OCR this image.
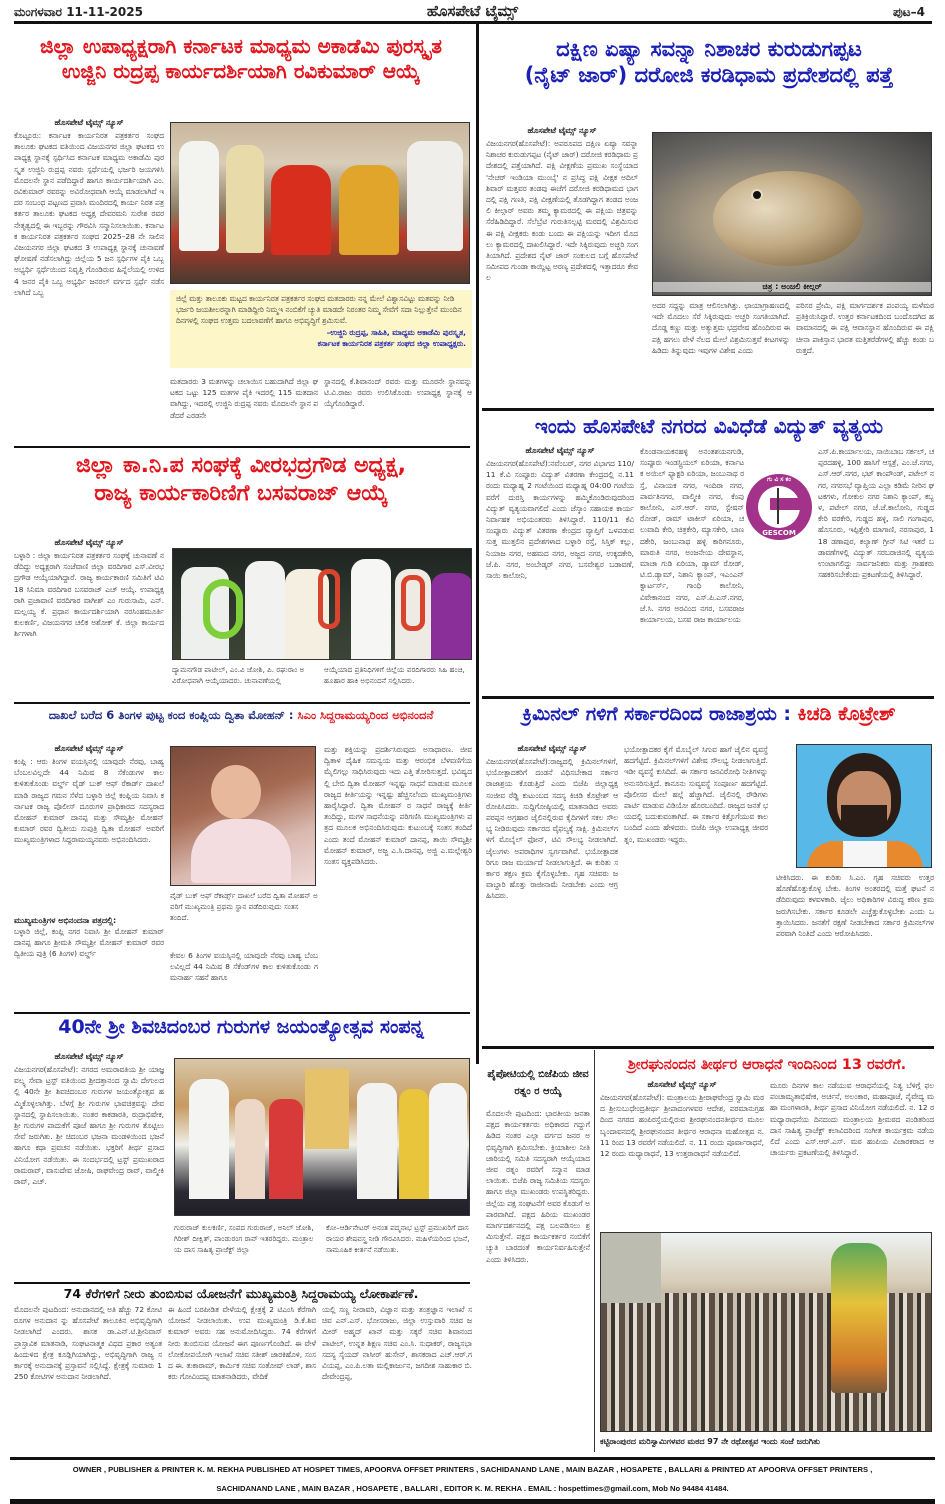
ಮಂಗಳವಾರ 11-11-2025	ಹೊಸಪೇಟೆ ಟೈಮ್ಸ್	ಪುಟ–4
ಜಿಲ್ಲಾ ಉಪಾಧ್ಯಕ್ಷರಾಗಿ ಕರ್ನಾಟಕ ಮಾಧ್ಯಮ ಅಕಾಡೆಮಿ ಪುರಸ್ಕೃತ
ಉಜ್ಜಿನಿ ರುದ್ರಪ್ಪ ಕಾರ್ಯದರ್ಶಿಯಾಗಿ ರವಿಕುಮಾರ್ ಆಯ್ಕೆ
ಹೊಸಪೇಟೆ ಟೈಮ್ಸ್ ನ್ಯೂಸ್
ಕೊಟ್ಟೂರು: ಕರ್ನಾಟಕ ಕಾರ್ಯನಿರತ ಪತ್ರಕರ್ತರ ಸಂಘದ ತಾಲೂಕು ಘಟಕದ ವತಿಯಿಂದ ವಿಜಯನಗರ ಜಿಲ್ಲಾ ಘಟಕದ ಉಪಾಧ್ಯಕ್ಷ ಸ್ಥಾನಕ್ಕೆ ಸ್ಪರ್ಧಿಸಿದ ಕರ್ನಾಟಕ ಮಾಧ್ಯಮ ಅಕಾಡೆಮಿ ಪುರಸ್ಕೃತ ಉಜ್ಜಿನಿ ರುದ್ರಪ್ಪ ನವರು ಸ್ಪರ್ಧೆಯಲ್ಲಿ ಭರ್ಜರಿ ಜಯಗಳಿಸಿ ಮೊದಲನೇ ಸ್ಥಾನ ಪಡೆದಿದ್ದಾರೆ ಹಾಗೂ ಕಾರ್ಯದರ್ಶಿಯಾಗಿ ಎಂ. ರವಿಕುಮಾರ್ ರವರನ್ನು ಅವಿರೋಧವಾಗಿ ಆಯ್ಕೆ ಮಾಡಲಾಗಿದೆ ಇದರ ಸಂಬಂಧ ಪಟ್ಟಣದ ಪ್ರವಾಸಿ ಮಂದಿರದಲ್ಲಿ ಕಾರ್ಯ ನಿರತ ಪತ್ರಕರ್ತರ ತಾಲೂಕು ಘಟಕದ ಅಧ್ಯಕ್ಷ ದೇವರಮನಿ ಸುರೇಶ ರವರ ನೇತೃತ್ವದಲ್ಲಿ ಈ ಇಬ್ಬರನ್ನು ಗೌರವಿಸಿ ಸನ್ಮಾನಿಸಲಾಯಿತು. ಕರ್ನಾಟಕ ಕಾರ್ಯನಿರತ ಪತ್ರಕರ್ತರ ಸಂಘದ 2025–28 ನೇ ಸಾಲಿನ ವಿಜಯನಗರ ಜಿಲ್ಲಾ ಘಟಕದ 3 ಉಪಾಧ್ಯಕ್ಷ ಸ್ಥಾನಕ್ಕೆ ಚುನಾವಣೆ ಘೋಷಣೆ ನಡೆಸಲಾಗಿದ್ದು ಜಿಲ್ಲೆಯ 5 ಜನ ಸ್ಪರ್ಧಿಗಳ ಪೈಕಿ ಒಬ್ಬ ಅಭ್ಯರ್ಥಿ ಸ್ಪರ್ಧೆಯಿಂದ ನಿವೃತ್ತಿ ಗೊಂಡಿರುವ ಹಿನ್ನೆಲೆಯಲ್ಲಿ ಉಳಿದ 4 ಜನರ ಪೈಕಿ ಒಬ್ಬ ಅಭ್ಯರ್ಥಿ ಜನರಲ್ ವರ್ಗದ ಸ್ಪರ್ಧೆ ನಡೆಸಲಾಗಿದೆ ಒಬ್ಬ
ಜಿಲ್ಲೆ ಮತ್ತು ತಾಲೂಕು ಮಟ್ಟದ ಕಾರ್ಯನಿರತ ಪತ್ರಕರ್ತರ ಸಂಘದ ಮತದಾರರು ನನ್ನ ಮೇಲೆ ವಿಶ್ವಾಸವಿಟ್ಟು ಮತವನ್ನು ನೀಡಿ ಭರ್ಜರಿ ಜಯಶೀಲರನ್ನಾಗಿ ಮಾಡಿದ್ದೀರಿ ನಿಮ್ಮಇ ನಂಬಿಕೆಗೆ ಚ್ಯುತಿ ಮಾಡದೇ ನಿರಂತರ ನಿಮ್ಮ ಸೇವೆಗೆ ಸದಾ ನಿಲ್ಲುತ್ತೇನೆ ಮುಂದಿನ ದಿನಗಳಲ್ಲಿ ಸಂಘದ ಉತ್ತಮ ಬದಲಾವಣೆಗೆ ಹಾಗೂ ಅಭಿವೃದ್ಧಿಗೆ ಶ್ರಮಿಸುವೆ.
–ಉಜ್ಜಿನಿ ರುದ್ರಪ್ಪ, ಸಾಹಿತಿ, ಮಾಧ್ಯಮ ಅಕಾಡೆಮಿ ಪುರಸ್ಕೃತ,
ಕರ್ನಾಟಕ ಕಾರ್ಯನಿರತ ಪತ್ರಕರ್ತ ಸಂಘದ ಜಿಲ್ಲಾ ಉಪಾಧ್ಯಕ್ಷರು.
ಮತದಾರರು 3 ಮತಗಳನ್ನು ಚಲಾಯಿಸ ಬಹುದಾಗಿದೆ ಜಿಲ್ಲಾ ಘಟಕದ ಒಟ್ಟು 125 ಮತಗಳ ಪೈಕಿ ಇದರಲ್ಲಿ 115 ಮತದಾನ ವಾಗಿದ್ದು, ಇದರಲ್ಲಿ ಉಜ್ಜಿನಿ ರುದ್ರಪ್ಪ ನವರು ಮೊದಲನೇ ಸ್ಥಾನ ಪಡೆದರೆ ಎರಡನೇ
ಸ್ಥಾನದಲ್ಲಿ ಕೆ.ಶಿವಾನಂದ್ ರವರು ಮತ್ತು ಮೂರನೇ ಸ್ಥಾನವನ್ನು ಟಿ.ವಿ.ರಾಜು ರವರು ಉಲಿಸಿಕೊಂಡು ಉಪಾಧ್ಯಕ್ಷ ಸ್ಥಾನಕ್ಕೆ ಆಯ್ಕೆಗೊಂಡಿದ್ದಾರೆ.
ದಕ್ಷಿಣ ಏಷ್ಯಾ ಸವನ್ನಾ ನಿಶಾಚರ ಕುರುಡುಗಪ್ಪಟ
(ನೈಟ್ ಜಾರ್) ದರೋಜಿ ಕರಡಿಧಾಮ ಪ್ರದೇಶದಲ್ಲಿ ಪತ್ತೆ
ಹೊಸಪೇಟೆ ಟೈಮ್ಸ್ ನ್ಯೂಸ್
ವಿಜಯನಗರ(ಹೊಸಪೇಟೆ): ಅಪರೂಪದ ದಕ್ಷಿಣ ಏಷ್ಯಾ ಸವನ್ನಾ ನಿಶಾಚರ ಕುರುಡುಗಪ್ಪಟ (ನೈಟ್ ಜಾರ್) ದರೋಜಿ ಕರಡಿಧಾಮ ಪ್ರದೇಶದಲ್ಲಿ ಪತ್ತೆಯಾಗಿದೆ. ಪಕ್ಷಿ ವೀಕ್ಷಣೆಯ ಪ್ರಮುಖ ಸಂಸ್ಥೆಯಾದ 'ನೇಚರ್ ಇಂಡಿಯಾ ಮುಂಬೈ' ನ ಪ್ರಸಿದ್ಧ ಪಕ್ಷಿ ವೀಕ್ಷಕ ಅದಿಲ್ ಶಿವಾರ್ ಮತ್ತವರ ತಂಡವು ಈಚೆಗೆ ದರೋಜಿ ಕರಡಿಧಾಮದ ಭಾಗದಲ್ಲಿ ಪಕ್ಷಿ ಗಣತಿ, ಪಕ್ಷಿ ವೀಕ್ಷಣೆಯಲ್ಲಿ ತೊಡಗಿದ್ದಾಗ ತಂಡದ ಅಂಜಲಿ ಕೀಲ್ಗಾರ್ ಅವರು ತಮ್ಮ ಕ್ಯಾಮರದಲ್ಲಿ ಈ ಪಕ್ಷಿಯ ಚಿತ್ರವನ್ನು ಸೆರೆಹಿಡಿದಿದ್ದಾರೆ. ಸೆಲೆಬ್ರೆಟಿ ಗುರುತಿಸಲ್ಪಟ್ಟಿ ಮರದಲ್ಲಿ ವಿಶ್ರಮಿಸುವ ಈ ಪಕ್ಷಿ ವೀಕ್ಷಕರು ಕಂಡು ಬಂದು ಈ ಪಕ್ಷಿಯನ್ನು ಇದೀಗ ಮೊದಲು ಕ್ಯಾಮರದಲ್ಲಿ ದಾಖಲಿಸಿದ್ದಾರೆ. ಇದೇ ಸಿಕ್ಕಿರುವುದು ಅಚ್ಚರಿ ಸಂಗತಿಯಾಗಿದೆ. ಪ್ರದೇಶದ ನೈಟ್ ಜಾರ್ ಸಂಕುಲದ ಬಗ್ಗೆ ಹೊಸಪೇಟೆ ಸಮೀಪದ ಗುಂಡಾ ಕಾಯ್ದಿಟ್ಟ ಅರಣ್ಯ ಪ್ರದೇಶದಲ್ಲಿ ಇತ್ತಾದರೂ ಕೇವಲ
ಚಿತ್ರ : ಅಂಜಲಿ ಕೀಲ್ಗರ್
ಅದರ ಸದ್ದನ್ನು ಮಾತ್ರ ಆಲಿಸಲಾಗಿತ್ತು. ಛಾಯಾಗ್ರಾಹಣದಲ್ಲಿ ಇದೇ ಮೊದಲು ಸೆರೆ ಸಿಕ್ಕಿರುವುದು ಅಚ್ಚರಿ ಸಂಗತಿಯಾಗಿದೆ. ದೊಡ್ಡ ಕಣ್ಣು ಮತ್ತು ಅತ್ಯುತ್ತಮ ಭದ್ರವೇಷ ಹೊಂದಿರುವ ಈ ಪಕ್ಷಿ ಹಗಲು ವೇಳೆ ನೆಲದ ಮೇಲೆ ವಿಶ್ರಮಿಸುತ್ತವೆ ಕೀಟಗಳನ್ನು ಹಿಡಿದು ತಿನ್ನುವುದು ಇವುಗಳ ವಿಶೇಷ ಎಂದು
ಪರಿಸರ ಪ್ರೇಮಿ, ಪಕ್ಷಿ ಮಾರ್ಗದರ್ಶಕ ಪಂಪಯ್ಯ ಮಳೆಮಠ ಪ್ರತಿಕ್ರಿಯಿಸಿದ್ದಾರೆ. ಉತ್ತರ ಕರ್ನಾಟಕದಿಂದ ಬಂದೊದಗಿದ ಹವಾಮಾನದಲ್ಲಿ ಈ ಪಕ್ಷಿ ಆವಾಸಸ್ಥಾನ ಹೊಂದಿರುವ ಈ ಪಕ್ಷಿ ಚೀನಾ ಪಾಕಿಸ್ತಾನ ಭಾರತ ಮತ್ತಿತರೆಡೆಗಳಲ್ಲಿ ಹೆಚ್ಚು ಕಂಡು ಬರುತ್ತದೆ.
ಇಂದು ಹೊಸಪೇಟೆ ನಗರದ ವಿವಿಧೆಡೆ ವಿದ್ಯುತ್ ವ್ಯತ್ಯಯ
ಹೊಸಪೇಟೆ ಟೈಮ್ಸ್ ನ್ಯೂಸ್
ವಿಜಯನಗರ(ಹೊಸಪೇಟೆ):ನವೆಂಬರ್, ನಗರ ವಿಭಾಗದ 110/11 ಕೆ.ವಿ ಸಂಪ್ಪೂರು ವಿದ್ಯುತ್ ವಿತರಣಾ ಕೇಂದ್ರದಲ್ಲಿ ನ.11 ರಂದು ಮಧ್ಯಾಹ್ನ 2 ಗಂಟೆಯಿಂದ ಮಧ್ಯಾಹ್ನ 04:00 ಗಂಟೆಯವರೆಗೆ ದುರಸ್ತಿ ಕಾರ್ಯಗಳನ್ನು ಹಮ್ಮಿಕೊಂಡಿರುವುದರಿಂದ ವಿದ್ಯುತ್ ವ್ಯತ್ಯಯವಾಗಲಿದೆ ಎಂದು ಜೆಸ್ಕಾಂ ಸಹಾಯಕ ಕಾರ್ಯನಿರ್ವಾಹಕ ಅಭಿಯಂತರರು ತಿಳಿಸಿದ್ದಾರೆ. 110/11 ಕೆವಿ ಸಂಪ್ಪೂರು ವಿದ್ಯುತ್ ವಿತರಣಾ ಕೇಂದ್ರದ ವ್ಯಾಪ್ತಿಗೆ ಒಳಪಡುವ ಸುತ್ತ ಮುತ್ತಲಿನ ಪ್ರದೇಶಗಳಾದ ಬಳ್ಳಾರಿ ರಸ್ತೆ, ಸಿಸ್ತಿಕ್ ಕಲ್ಲು, ನಿಯಾಜ ನಗರ, ಅಹಮದ ನಗರ, ಅಜ್ಜದ ನಗರ, ಉಕ್ಕದಕೇರಿ, ಜೆ.ಪಿ. ನಗರ, ಅಂಬೇಡ್ಕರ್ ನಗರ, ಬಸವೇಶ್ವರ ಬಡಾವಣೆ, ಸಾಯಿ ಕಾಲೋನಿ,
ಕೊಂಡನಾಯಕನಹಳ್ಳಿ ಅನಂತಶಯನಗುಡಿ, ಸಂಪ್ಪೂರು ಇಂಡಸ್ಟ್ರಿಯಲ್ ಏರಿಯಾ, ಕರ್ನಾಟಕ ಅಯಿಲ್ ಫ್ಯಾಕ್ಟರಿ ಏರಿಯಾ, ಜಂಬುನಾಥ ರಸ್ತೆ, ವಿನಾಯಕ ನಗರ, ಇಂದಿರಾ ನಗರ, ಪಾರ್ವತಿನಗರ, ವಾಲ್ಮೀಕಿ ನಗರ, ಕೆಂಪು ಕಾಲೋನಿ, ಎಸ್.ಆರ್. ನಗರ, ಸ್ಟೇಷನ್ ರೋಡ್, ರಾಮ್ ಟಾಕೀಸ್ ಏರಿಯಾ, ಚಲುವಾದಿ ಕೇರಿ, ಚಿತ್ರಕೇರಿ, ಮ್ಯಾಸಕೇರಿ, ಬಾಣದಕೇರಿ, ಜಂಬುನಾಥ ಹಳ್ಳಿ ಕಾರಿಗನೂರು, ಮಾರುತಿ ನಗರ, ಅಂಜನೇಯ ದೇವಸ್ಥಾನ, ಮಾಚಾ ಗುಡಿ ಏರಿಯಾ, ಡ್ಯಾಮ್ ರೋಡ್, ಟಿ.ಬಿ.ಡ್ಯಾಮ್, ನಿಶಾನಿ ಕ್ಯಾಂಪ್, ಇಎಂಎನ್ ಕ್ವಾರ್ಟರ್ಸ್, ಗಾಂಧಿ ಕಾಲೋನಿ, ವಿವೇಕಾನಂದ ನಗರ, ಎಸ್.ಪಿ.ಎಸ್.ನಗರ, ಜೆ.ಸಿ. ನಗರ ಅರವಿಂದ ನಗರ, ಬಸವರಾಜ ಕಾರ್ಯಾಲಯ, ಬಸವ ರಾಜ ಕಾರ್ಯಾಲಯ
ಗು ವಿ ಸ ಕಂ
GESCOM
ಎಸ್.ಪಿ.ಕಾರ್ಯಾಲಯ, ಸಾಯಿಬಾಬ ಸರ್ಕಲ್, ಚಪ್ಪರದಹಳ್ಳಿ, 100 ಹಾಸಿಗೆ ಆಸ್ಪತ್ರೆ, ಎಂ.ಜೆ.ನಗರ, ಎಸ್.ಆರ್.ನಗರ, ಭಟ್ ಕಾಂಪೌಂಡ್, ಪಟೇಲ್ ನಗರ, ನಗರಸಭೆ ವ್ಯಾಪ್ತಿಯ ಎಲ್ಲಾ ಕಡಿಮೆ ನೀರಿನ ಘಟಕಗಳು, ಗೋಕುಲ ನಗರ ನಿಶಾನಿ ಕ್ಯಾಂಪ್, ಕಬ್ಬಳ, ಪಟೇಲ್ ನಗರ, ಜೆ.ಜೆ.ಕಾಲೋನಿ, ಗುಡ್ಡದ ಕೇರಿ ವರಕೇರಿ, ಗುಡ್ಡದ ಹಳ್ಳಿ, ಸಾಲಿ ಗಂಗಾಪುರ, ಹೊಸೂರು, ಇಪ್ಪಿತ್ತೇರಿ ಮಾಗಾಣಿ, ನರಸಾಪುರ, 118 ಡಣಾಪುರ, ಕಲ್ಯಾಣ್ ಗ್ರೀನ್ ಸಿಟಿ ಇತರೆ ಬಡಾವಣೆಗಳಲ್ಲಿ ವಿದ್ಯುತ್ ಸರಬರಾಜಿನಲ್ಲಿ ವ್ಯತ್ಯಯ ಉಂಟಾಗಲಿದ್ದು ಸಾರ್ವಜನಿಕರು ಮತ್ತು ಗ್ರಾಹಕರು ಸಹಕರಿಸಬೇಕೆಂದು ಪ್ರಕಟಣೆಯಲ್ಲಿ ತಿಳಿಸಿದ್ದಾರೆ.
ಜಿಲ್ಲಾ ಕಾ.ನಿ.ಪ ಸಂಘಕ್ಕೆ ವೀರಭದ್ರಗೌಡ ಅಧ್ಯಕ್ಷ,
ರಾಜ್ಯ ಕಾರ್ಯಕಾರಿಣಿಗೆ ಬಸವರಾಜ್ ಆಯ್ಕೆ
ಹೊಸಪೇಟೆ ಟೈಮ್ಸ್ ನ್ಯೂಸ್
ಬಳ್ಳಾರಿ : ಜಿಲ್ಲಾ ಕಾರ್ಯನಿರತ ಪತ್ರಕರ್ತರ ಸಂಘಕ್ಕೆ ಚುನಾವಣೆ ನಡೆದಿದ್ದು ಅಧ್ಯಕ್ಷರಾಗಿ ಸಂಜೆವಾಣಿ ಜಿಲ್ಲಾ ವರದಿಗಾರ ಎಸ್.ವೀರಭದ್ರಗೌಡ ಆಯ್ಕೆಯಾಗಿದ್ದಾರೆ. ರಾಜ್ಯ ಕಾರ್ಯಕಾರಣಿ ಸಮಿತಿಗೆ ಟಿವಿ 18 ಸಿನಿಮಾ ವರದಿಗಾರ ಬಸವರಾಜ್ ಎಚ್ ಆಯ್ಕೆ. ಉಪಾಧ್ಯಕ್ಷರಾಗಿ ಪ್ರಜಾವಾಣಿ ವರದಿಗಾರ ವಾಗೀಶ್ ಎಂ ಗುರುಸಾಮಿ, ಎನ್. ಮಲ್ಲಯ್ಯ ಕೆ. ಪ್ರಧಾನ ಕಾರ್ಯದರ್ಶಿಯಾಗಿ ನರಸಿಂಹಮೂರ್ತಿ ಕುಲಕರ್ಣಿ, ವಿಜಯನಗರ ಚಲಿಕ ಅಶೋಕ್ ಕೆ. ಜಿಲ್ಲಾ ಕಾರ್ಯದರ್ಶಿಗಳಾಗಿ
ದ್ಯಾಮನಗೌಡ ಪಾಟೀಲ್, ಎಂ.ವಿ ಜೋಶಿ, ಪಿ. ರಘುರಾಂ ಅವಿರೋಧವಾಗಿ ಆಯ್ಕೆಯಾದರು. ಚುನಾವಣೆಯಲ್ಲಿ
ಆಯ್ಕೆಯಾದ ಪ್ರತಿನಿಧಿಗಳಿಗೆ ಜಿಲ್ಲೆಯ ವರದಿಗಾರರು ಸಿಹಿ ಹಂಚಿ, ಹೂಹಾರ ಹಾಕಿ ಅಭಿನಂದನೆ ಸಲ್ಲಿಸಿದರು.
ದಾಖಲೆ ಬರೆದ 6 ತಿಂಗಳ ಪುಟ್ಟ ಕಂದ ಕಂಪ್ಲಿಯ ದ್ವಿತಾ ಮೋಹನ್ : ಸಿಎಂ ಸಿದ್ದರಾಮಯ್ಯರಿಂದ ಅಭಿನಂದನೆ
ಹೊಸಪೇಟೆ ಟೈಮ್ಸ್ ನ್ಯೂಸ್
ಕಂಪ್ಲಿ : ಆರು ತಿಂಗಳ ವಯಸ್ಸಿನಲ್ಲಿ ಯಾವುದೇ ನೆರವು, ಬಾಹ್ಯ ಬೆಂಬಲವಿಲ್ಲದೇ 44 ನಿಮಿಷ 8 ಸೆಕೆಂಡುಗಳ ಕಾಲ ಕುಳಿತುಕೊಂಡು ವರ್ಲ್ಡ್ ವೈಡ್ ಬುಕ್ ಆಫ್ ರೆಕಾರ್ಡ್ ದಾಖಲೆ ಮಾಡಿ ರಾಜ್ಯದ ಗಮನ ಸೆಳೆದ ಬಳ್ಳಾರಿ ಜಿಲ್ಲೆ ಕಂಪ್ಲಿಯ ನಿವಾಸಿ ಕರ್ನಾಟಕ ರಾಜ್ಯ ಪೊಲೀಸ್ ದೂರುಗಳ ಪ್ರಾಧಿಕಾರದ ಸದಸ್ಯರಾದ ಮೋಹನ್ ಕುಮಾರ್ ದಾನಪ್ಪ ಮತ್ತು ಸೌಮ್ಯಶ್ರೀ ಮೋಹನ್ ಕುಮಾರ್ ರವರ ದ್ವಿತೀಯ ಸುಪುತ್ರಿ ದ್ವಿತಾ ಮೋಹನ್ ಅವರಿಗೆ ಮುಖ್ಯಮಂತ್ರಿಗಳಾದ ಸಿದ್ದರಾಮಯ್ಯನವರು ಅಭಿನಂದಿಸಿದರು.
ಮುಖ್ಯಮಂತ್ರಿಗಳ ಅಭಿನಂದನಾ ಪತ್ರದಲ್ಲಿ:
ಬಳ್ಳಾರಿ ಜಿಲ್ಲೆ, ಕಂಪ್ಲಿ ನಗರ ನಿವಾಸಿ ಶ್ರೀ ಮೋಹನ್ ಕುಮಾರ್ ದಾನಪ್ಪ ಹಾಗೂ ಶ್ರೀಮತಿ ಸೌಮ್ಯಶ್ರೀ ಮೋಹನ್ ಕುಮಾರ್ ರವರ ದ್ವಿತೀಯ ಪುತ್ರಿ (6 ತಿಂಗಳ) ವರ್ಲ್ಡ್
ವೈಡ್ ಬುಕ್ ಆಫ್ ರೆಕಾರ್ಡ್ಸ್ ದಾಖಲೆ ಬರೆದ ದ್ವಿತಾ ಮೋಹನ್ ಅವರಿಗೆ ಮುಖ್ಯಮಂತ್ರಿ ಪ್ರಥಮ ಸ್ಥಾನ ಪಡೆದಿರುವುದು ಸಂತಸ ತಂದಿದೆ.
ಕೇವಲ 6 ತಿಂಗಳ ವಯಸ್ಸಿನಲ್ಲಿ ಯಾವುದೇ ನೆರವು ಬಾಹ್ಯ ಬೆಂಬಲವಿಲ್ಲದೆ 44 ನಿಮಿಷ 8 ಸೆಕೆಂಡ್‌ಗಳ ಕಾಲ ಕುಳಿತುಕೊಂಡು ಗಮನಾರ್ಹ ಸಹನೆ ಹಾಗೂ
ಮತ್ತು ಶಕ್ತಿಯನ್ನು ಪ್ರದರ್ಶಿಸಿರುವುದು ಅಸಾಧಾರಣ. ಜೀವ ದ್ವಿತಾಳ ದೈಹಿಕ ಸಮನ್ವಯ ಮತ್ತು ಆರಂಭಿಕ ಬೆಳವಣಿಗೆಯ ಮೈಲಿಗಲ್ಲು ಸಾಧಿಸಿರುವುದು ಇದು ಎತ್ತಿ ತೋರಿಸುತ್ತದೆ. ಭವಿಷ್ಯದಲ್ಲಿ ಬೇಬಿ ದ್ವಿತಾ ಮೋಹನ್ ಇನ್ನಷ್ಟು ಸಾಧನೆ ಮಾಡುವ ಮೂಲಕ ರಾಜ್ಯದ ಕೀರ್ತಿಯನ್ನು ಇನ್ನಷ್ಟು ಹೆಚ್ಚಿಸಲೆಂದು ಮುಖ್ಯಮಂತ್ರಿಗಳು ಹಾರೈಸಿದ್ದಾರೆ. ದ್ವಿತಾ ಮೋಹನ್ ರ ಸಾಧನೆ ರಾಜ್ಯಕ್ಕೆ ಕೀರ್ತಿ ತಂದಿದ್ದು, ಮಗಳ ಸಾಧನೆಯನ್ನು ಪರಿಗಣಿಸಿ ಮುಖ್ಯಮಂತ್ರಿಗಳು ಪತ್ರದ ಮೂಲಕ ಅಭಿನಂದಿಸಿರುವುದು ಕುಟುಂಬಕ್ಕೆ ಸಂತಸ ತಂದಿದೆ ಎಂದು ತಂದೆ ಮೋಹನ್ ಕುಮಾರ್ ದಾನಪ್ಪ, ತಾಯಿ ಸೌಮ್ಯಶ್ರೀ ಮೋಹನ್ ಕುಮಾರ್, ಅಜ್ಜ ಎ.ಸಿ.ದಾನಪ್ಪ, ಅಜ್ಜಿ ಎ.ಮಲ್ಲೇಶ್ವರಿ ಸಂತಸ ವ್ಯಕ್ತಪಡಿಸಿದರು.
ಕ್ರಿಮಿನಲ್ ಗಳಿಗೆ ಸರ್ಕಾರದಿಂದ ರಾಜಾಶ್ರಯ : ಕಿಚಡಿ ಕೊಟ್ರೇಶ್
ಹೊಸಪೇಟೆ ಟೈಮ್ಸ್ ನ್ಯೂಸ್
ವಿಜಯನಗರ(ಹೊಸಪೇಟೆ):ರಾಜ್ಯದಲ್ಲಿ ಕ್ರಿಮಿನಲ್‌ಗಳಿಗೆ, ಭಯೋತ್ಪಾದಕರಿಗೆ ದಂಡನೆ ವಿಧಿಸಬೇಕಾದ ಸರ್ಕಾರ ರಾಜಾಶ್ರಯ ಕೊಡುತ್ತಿದೆ ಎಂದು ಬಿಜೆಪಿ ಜಿಲ್ಲಾಧ್ಯಕ್ಷ ಸಂಜೀವ ರೆಡ್ಡಿ ಕುಟುಂಬದ ಸದಸ್ಯ ಕಿಚಡಿ ಕೊಟ್ರೇಶ್ ಆರೋಪಿಸಿದರು. ಸುದ್ದಿಗೋಷ್ಠಿಯಲ್ಲಿ ಮಾತನಾಡಿದ ಅವರು ಪರಪ್ಪನ ಅಗ್ರಹಾರ ಜೈಲಿನಲ್ಲಿರುವ ಕೈದಿಗಳಿಗೆ ಸಕಲ ಸೌಲಭ್ಯ ನೀಡಿರುವುದು ಸರ್ಕಾರದ ವೈಫಲ್ಯಕ್ಕೆ ಸಾಕ್ಷಿ. ಕ್ರಿಮಿನಲ್‌ಗಳಿಗೆ ಮೊಬೈಲ್ ಫೋನ್, ಟಿವಿ ಸೌಲಭ್ಯ ನೀಡಲಾಗಿದೆ. ಜೈಲುಗಳು ಅಪರಾಧಿಗಳ ಸ್ವರ್ಗವಾಗಿವೆ. ಭಯೋತ್ಪಾದಕರಿಗೂ ರಾಜ ಮರ್ಯಾದೆ ನೀಡಲಾಗುತ್ತಿದೆ. ಈ ಕುರಿತು ಸರ್ಕಾರ ತಕ್ಷಣ ಕ್ರಮ ಕೈಗೊಳ್ಳಬೇಕು. ಗೃಹ ಸಚಿವರು ಜವಾಬ್ದಾರಿ ಹೊತ್ತು ರಾಜೀನಾಮೆ ನೀಡಬೇಕು ಎಂದು ಆಗ್ರಹಿಸಿದರು.
ಭಯೋತ್ಪಾದಕರ ಕೈಗೆ ಮೊಬೈಲ್ ಸಿಗುವ ಹಾಗೆ ಜೈಲಿನ ವ್ಯವಸ್ಥೆ ಹದಗೆಟ್ಟಿದೆ. ಕ್ರಿಮಿನಲ್‌ಗಳಿಗೆ ವಿಶೇಷ ಸೌಲಭ್ಯ ನೀಡಲಾಗುತ್ತಿದೆ. ಇಡೀ ವ್ಯವಸ್ಥೆ ಕುಸಿದಿದೆ. ಈ ಸರ್ಕಾರ ಜನವಿರೋಧಿ ನೀತಿಗಳನ್ನು ಅನುಸರಿಸುತ್ತಿದೆ. ಕಾನೂನು ಸುವ್ಯವಸ್ಥೆ ಸಂಪೂರ್ಣ ಹದಗೆಟ್ಟಿದೆ. ಪೊಲೀಸರ ಮೇಲೆ ಹಲ್ಲೆ ಹೆಚ್ಚಾಗಿದೆ. ಜೈಲಿನಲ್ಲಿ ರೌಡಿಗಳು ಪಾರ್ಟಿ ಮಾಡುವ ವಿಡಿಯೋ ಹೊರಬಂದಿದೆ. ರಾಜ್ಯದ ಜನತೆ ಭಯದಲ್ಲಿ ಬದುಕುವಂತಾಗಿದೆ. ಈ ಸರ್ಕಾರ ಕಿತ್ತೊಗೆಯುವ ಕಾಲ ಬಂದಿದೆ ಎಂದು ಹೇಳಿದರು. ಬಿಜೆಪಿ ಜಿಲ್ಲಾ ಉಪಾಧ್ಯಕ್ಷ ಜೀವರತ್ನಂ, ಮುಖಂಡರು ಇದ್ದರು.
ಟೀಕಿಸಿದರು. ಈ ಕುರಿತು ಸಿ.ಎಂ. ಗೃಹ ಸಚಿವರು ಉತ್ತರ ಹೊಣೆಹೊತ್ತುಕೊಳ್ಳ ಬೇಕು. ತಿಂಗಳ ಅಂತರದಲ್ಲಿ ಮತ್ತೆ ಘಟನೆ ನಡೆದಿರುವುದು ಕಳವಳಕಾರಿ. ಜೈಲು ಅಧಿಕಾರಿಗಳ ವಿರುದ್ಧ ಕಠಿಣ ಕ್ರಮ ಜರುಗಿಸಬೇಕು. ಸರ್ಕಾರ ಕೂಡಲೇ ಎಚ್ಚೆತ್ತುಕೊಳ್ಳಬೇಕು ಎಂದು ಒತ್ತಾಯಿಸಿದರು. ಜನತೆಗೆ ರಕ್ಷಣೆ ನೀಡಬೇಕಾದ ಸರ್ಕಾರ ಕ್ರಿಮಿನಲ್‌ಗಳ ಪರವಾಗಿ ನಿಂತಿದೆ ಎಂದು ಆರೋಪಿಸಿದರು.
40ನೇ ಶ್ರೀ ಶಿವಚಿದಂಬರ ಗುರುಗಳ ಜಯಂತ್ಯೋತ್ಸವ ಸಂಪನ್ನ
ಹೊಸಪೇಟೆ ಟೈಮ್ಸ್ ನ್ಯೂಸ್
ವಿಜಯನಗರ(ಹೊಸಪೇಟೆ): ನಗರದ ಅಮರಾವತಿಯ ಶ್ರೀ ಯಾಜ್ಞವಲ್ಕ್ಯ ಸೇವಾ ಟ್ರಸ್ಟ್ ವತಿಯಿಂದ ಶ್ರೀದತ್ತಾನಂದ ಸ್ವಾಮಿ ದೇಗುಲದಲ್ಲಿ 40ನೇ ಶ್ರೀ ಶಿವಚಿದಂಬರ ಗುರುಗಳ ಜಯಂತ್ಯೋತ್ಸವ ಹಮ್ಮಿಕೊಳ್ಳಲಾಗಿತ್ತು. ಬೆಳಗ್ಗೆ ಶ್ರೀ ಗುರುಗಳ ಭಾವಚಿತ್ರವನ್ನು ದೇವಸ್ಥಾನದಲ್ಲಿ ಸ್ಥಾಪಿಸಲಾಯಿತು. ನಂತರ ಕಾಕಡಾರತಿ, ರುದ್ರಾಭಿಷೇಕ, ಶ್ರೀ ಗುರುಗಳ ಪಾದುಕೆಗೆ ಪೂಜೆ ಹಾಗೂ ಶ್ರೀ ಗುರುಗಳ ತೊಟ್ಟಿಲು ಸೇವೆ ಜರುಗಿತು. ಶ್ರೀ ಚಿದಂಬರ ಭಜನಾ ಮಂಡಳಿಯಿಂದ ಭಜನೆ ಹಾಗೂ ಕಥಾ ಪ್ರವಚನ ನಡೆಯಿತು. ಭಕ್ತರಿಗೆ ತೀರ್ಥ ಪ್ರಸಾದ ವಿನಿಯೋಗ ನಡೆಯಿತು. ಈ ಸಂದರ್ಭದಲ್ಲಿ ಟ್ರಸ್ಟ್ ಪ್ರಮುಖರಾದ ರಾಮರಾವ್, ವಾಸುದೇವ ಜೋಷಿ, ರಾಘವೇಂದ್ರ ರಾವ್, ವಾಲ್ಮೀಕಿ ರಾವ್, ಎಚ್.
ಗುರುರಾಜ್ ಕುಲಕರ್ಣಿ, ಸಂಪದ ಗುರುರಾಜ್, ಅನಿಲ್ ಜೋಶಿ, ಗಿರೀಶ್ ದೀಕ್ಷಿತ್, ಪಾಂಡುರಂಗ ರಾವ್ ಇತರರಿದ್ದರು. ಮಂತ್ರಾಲಯ ದಾಸ ಸಾಹಿತ್ಯ ಪ್ರಾಜೆಕ್ಟ್ ಜಿಲ್ಲಾ
ಕೋ–ಆರ್ಡಿನೇಟರ್ ಅನಂತ ಪದ್ಮನಾಭ ಟ್ರಸ್ಟ್ ಪ್ರಮುಖರಿಗೆ ದಾಸರಾಯರ ಶೇಷವಸ್ತ್ರ ನೀಡಿ ಗೌರವಿಸಿದರು. ಮಹಿಳೆಯರಿಂದ ಭಜನೆ, ಸಾಮೂಹಿಕ ಕೀರ್ತನೆ ನಡೆಯಿತು.
74 ಕೆರೆಗಳಿಗೆ ನೀರು ತುಂಬಿಸುವ ಯೋಜನೆಗೆ ಮುಖ್ಯಮಂತ್ರಿ ಸಿದ್ದರಾಮಯ್ಯ ಲೋಕಾರ್ಪಣೆ.
ಮೊದಲನೇ ಪುಟದಿಂದ: ಅನುದಾನದಲ್ಲಿ ಅತಿ ಹೆಚ್ಚು 72 ಕೋಟಿ ರೂಗಳ ಅನುದಾನ ನ್ನು ಹೊಸಪೇಟೆ ತಾಲೂಕಿನ ಅಭಿವೃದ್ಧಿಗಾಗಿ ನೀಡಲಾಗಿದೆ ಎಂದರು. ಶಾಸಕ ಡಾ.ಎನ್.ಟಿ.ಶ್ರೀನಿವಾಸ್ ಪ್ರಾಸ್ತಾವಿಕ ಮಾತನಾಡಿ, ಸಂಘಟನಾತ್ಮಕ ವಿಧದ ಪ್ರಕಾರ ಅತ್ಯಂತ ಹಿಂದುಳಿದ ಕ್ಷೇತ್ರ ಕೂಡ್ಲಿಗಿಯಾಗಿದ್ದು, ಅಭಿವೃದ್ಧಿಗಾಗಿ ರಾಜ್ಯ ಸರ್ಕಾರಕ್ಕೆ ಅನುದಾನಕ್ಕೆ ಪ್ರಸ್ತಾವನೆ ಸಲ್ಲಿಸಿದ್ದೆ. ಕ್ಷೇತ್ರಕ್ಕೆ ಸುಮಾರು 1250 ಕೋಟಿಗಳ ಅನುದಾನ ನೀಡಲಾಗಿದೆ.
ಈ ಹಿಂದೆ ಬರಪೀಡಿತ ವೇಳೆಯಲ್ಲಿ ಕ್ಷೇತ್ರಕ್ಕೆ 2 ಟಿಎಂಸಿ ಕೆರೆಗಾಗಿ ಯೋಜನೆ ನೀಡಲಾಯಿತು. ಉಪ ಮುಖ್ಯಮಂತ್ರಿ ಡಿ.ಕೆ.ಶಿವಕುಮಾರ್ ಅವರು ಸಹ ಅನುಮೋದಿಸಿದ್ದರು. 74 ಕೆರೆಗಳಿಗೆ ನೀರು ತುಂಬಿಸುವ ಯೋಜನೆ ಈಗ ಪೂರ್ಣಗೊಂಡಿದೆ. ಈ ವೇಳೆ ಲೋಕೋಪಯೋಗಿ ಇಲಾಖೆ ಸಚಿವ ಸತೀಶ್ ಜಾರಕಿಹೊಳಿ, ಸಂಸದ ಈ. ತುಕಾರಾಮ್, ಕಾರ್ಮಿಕ ಸಚಿವ ಸಂತೋಷ್ ಲಾಡ್, ಶಾಸಕರು ಗೋವಿಂದಪ್ಪ ಮಾತನಾಡಿದರು, ವೇದಿಕೆ
ಯಲ್ಲಿ ಸಣ್ಣ ನೀರಾವರಿ, ವಿಜ್ಞಾನ ಮತ್ತು ತಂತ್ರಜ್ಞಾನ ಇಲಾಖೆ ಸಚಿವ ಎನ್.ಎಸ್. ಭೋಸರಾಜು, ಜಿಲ್ಲಾ ಉಸ್ತುವಾರಿ ಸಚಿವ ಜಮೀರ್ ಅಹ್ಮದ್ ಖಾನ್ ಮತ್ತು ಸಕ್ಕರೆ ಸಚಿವ ಶಿವಾನಂದ ಪಾಟೀಲ್, ಉನ್ನತ ಶಿಕ್ಷಣ ಸಚಿವ ಎಂ.ಸಿ. ಸುಧಾಕರ್, ರಾಜ್ಯಸಭಾ ಸದಸ್ಯ ಸೈಯದ್ ನಾಸೀರ್ ಹುಸೇನ್, ಶಾಸಕರಾದ ಎಚ್.ಆರ್.ಗವಿಯಪ್ಪ, ಎಂ.ಪಿ.ಲತಾ ಮಲ್ಲಿಕಾರ್ಜುನ, ಜಗದೀಶ ಸಾಹುಕಾರ ಬಿ.ದೇವೇಂದ್ರಪ್ಪ,
ಪೈಪೋಟಿಯಲ್ಲಿ ಬಿಜೆಪಿಯ ಜೀವ ರತ್ನಂ ರ ಆಯ್ಕೆ
ಮೊದಲನೇ ಪುಟದಿಂದ: ಭಾರತೀಯ ಜನತಾ ಪಕ್ಷದ ಕಾರ್ಯಕರ್ತರು ಅಧಿಕಾರದ ಗದ್ದುಗೆ ಹಿಡಿದ ನಂತರ ಎಲ್ಲಾ ವರ್ಗದ ಜನರ ಅಭಿವೃದ್ಧಿಗಾಗಿ ಶ್ರಮಿಸಬೇಕು. ಕ್ರಿಯಾಶೀಲ ನೀತಿ ಜಾರಿಯಲ್ಲಿ ಸಮಿತಿ ಸದಸ್ಯರಾಗಿ ಆಯ್ಕೆಯಾದ ಜೀವ ರತ್ನಂ ರವರಿಗೆ ಸನ್ಮಾನ ಮಾಡಲಾಯಿತು. ಬಿಜೆಪಿ ರಾಜ್ಯ ಸಮಿತಿಯ ಸದಸ್ಯರು ಹಾಗೂ ಜಿಲ್ಲಾ ಮುಖಂಡರು ಉಪಸ್ಥಿತರಿದ್ದರು. ಜಿಲ್ಲೆಯ ಪಕ್ಷ ಸಂಘಟನೆಗೆ ಅವರ ಕೊಡುಗೆ ಅಪಾರವಾಗಿದೆ. ಪಕ್ಷದ ಹಿರಿಯ ಮುಖಂಡರ ಮಾರ್ಗದರ್ಶನದಲ್ಲಿ ಪಕ್ಷ ಬಲಪಡಿಸಲು ಶ್ರಮಿಸುತ್ತೇನೆ. ಪಕ್ಷದ ಕಾರ್ಯಕರ್ತರ ನಂಬಿಕೆಗೆ ಚ್ಯುತಿ ಬಾರದಂತೆ ಕಾರ್ಯನಿರ್ವಹಿಸುತ್ತೇನೆ ಎಂದು ತಿಳಿಸಿದರು.
ಶ್ರೀರಘುನಂದನ ತೀರ್ಥರ ಆರಾಧನೆ ಇಂದಿನಿಂದ 13 ರವರೆಗೆ.
ಹೊಸಪೇಟೆ ಟೈಮ್ಸ್ ನ್ಯೂಸ್
ವಿಜಯನಗರ(ಹೊಸಪೇಟೆ): ಮಂತ್ರಾಲಯ ಶ್ರೀರಾಘವೇಂದ್ರ ಸ್ವಾಮಿ ಮಠದ ಶ್ರೀಸುಬುಧೇಂದ್ರತೀರ್ಥ ಶ್ರೀಪಾದಂಗಳವರ ಆದೇಶ, ಪರಮಾನುಗ್ರಹದಿಂದ ನಗರದ ಹಂಪಿರಸ್ತೆಯಲ್ಲಿರುವ ಶ್ರೀರಘುನಂದನತೀರ್ಥರ ಮೂಲ ಬೃಂದಾವನದಲ್ಲಿ ಶ್ರೀರಘುನಂದನ ತೀರ್ಥರ ಆರಾಧನಾ ಮಹೋತ್ಸವ ನ. 11 ರಿಂದ 13 ರವರೆಗೆ ನಡೆಯಲಿದೆ. ನ. 11 ರಂದು ಪೂರ್ವಾರಾಧನೆ, 12 ರಂದು ಮಧ್ಯಾರಾಧನೆ, 13 ಉತ್ತರಾರಾಧನೆ ನಡೆಯಲಿದೆ.
ಮೂರು ದಿನಗಳ ಕಾಲ ನಡೆಯುವ ಆರಾಧನೆಯಲ್ಲಿ ನಿತ್ಯ ಬೆಳಿಗ್ಗೆ ಫಲ ಪಂಚಾಮೃತಾಭಿಷೇಕ, ಅರ್ಚನೆ, ಅಲಂಕಾರ, ಮಹಾಪೂಜೆ, ನೈವೇದ್ಯ ಮಹಾ ಮಂಗಳಾರತಿ, ತೀರ್ಥ ಪ್ರಸಾದ ವಿನಿಯೋಗ ನಡೆಯಲಿದೆ. ನ. 12 ರ ಮಧ್ಯಾರಾಧನೆಯ ದಿನದಂದು ಮಂತ್ರಾಲಯ ಶ್ರೀಮಠದ ಪಂಡಿತರಿಂದ ದಾಸ ಸಾಹಿತ್ಯ ಪ್ರಾಜೆಕ್ಟ್ ಕಲಾವಿದರಿಂದ ಸಂಗೀತ ಕಾರ್ಯಕ್ರಮ ನಡೆಯಲಿದೆ ಎಂದು ಎಸ್.ಆರ್.ಎಸ್. ಮಠ ಹಂಪಿಯ ವಿಚಾರಕರಾದ ಆಚಾರ್ಯರು ಪ್ರಕಟಣೆಯಲ್ಲಿ ತಿಳಿಸಿದ್ದಾರೆ.
ಕಟ್ಟಿರಾಂಪುರದ ಮರಿಸ್ವಾಮಿಗಳವರ ಮಠದ 97 ನೇ ರಥೋತ್ಸವ ಇಂದು ಸಂಜೆ ಜರುಗಿತು
OWNER , PUBLISHER & PRINTER K. M. REKHA PUBLISHED AT HOSPET TIMES, APOORVA OFFSET PRINTERS , SACHIDANAND LANE , MAIN BAZAR , HOSAPETE , BALLARI & PRINTED AT APOORVA OFFSET PRINTERS ,
SACHIDANAND LANE , MAIN BAZAR , HOSAPETE , BALLARI , EDITOR K. M. REKHA . EMAIL : hospettimes@gmail.com, Mob No 94484 41484.
